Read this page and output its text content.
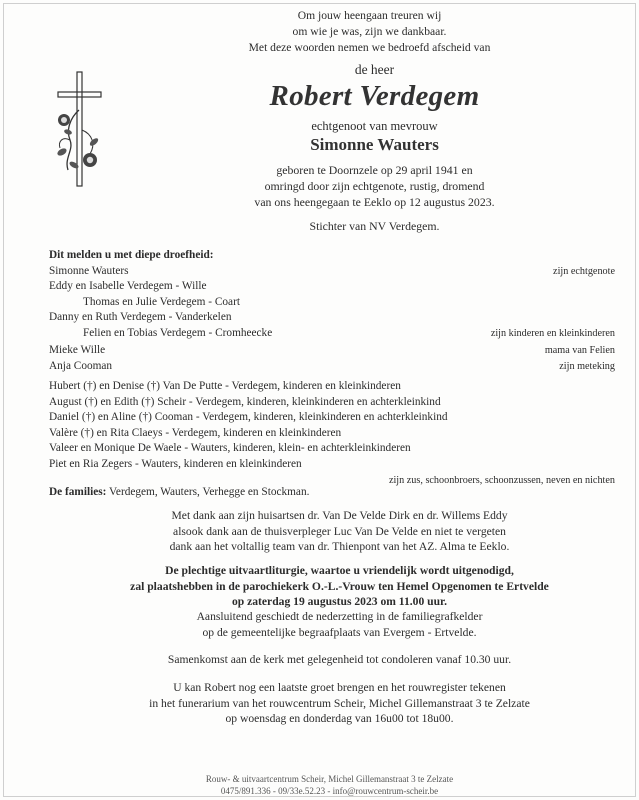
Om jouw heengaan treuren wij
om wie je was, zijn we dankbaar.
Met deze woorden nemen we bedroefd afscheid van
de heer
Robert Verdegem
echtgenoot van mevrouw
Simonne Wauters
geboren te Doornzele op 29 april 1941 en
omringd door zijn echtgenote, rustig, dromend
van ons heengegaan te Eeklo op 12 augustus 2023.
Stichter van NV Verdegem.
Dit melden u met diepe droefheid:
Simonne Wauters	zijn echtgenote
Eddy en Isabelle Verdegem - Wille
Thomas en Julie Verdegem - Coart
Danny en Ruth Verdegem - Vanderkelen
Felien en Tobias Verdegem - Cromheecke	zijn kinderen en kleinkinderen
Mieke Wille	mama van Felien
Anja Cooman	zijn meteking
Hubert (†) en Denise (†) Van De Putte - Verdegem, kinderen en kleinkinderen
August (†) en Edith (†) Scheir - Verdegem, kinderen, kleinkinderen en achterkleinkind
Daniel (†) en Aline (†) Cooman - Verdegem, kinderen, kleinkinderen en achterkleinkind
Valère (†) en Rita Claeys - Verdegem, kinderen en kleinkinderen
Valeer en Monique De Waele - Wauters, kinderen, klein- en achterkleinkinderen
Piet en Ria Zegers - Wauters, kinderen en kleinkinderen
zijn zus, schoonbroers, schoonzussen, neven en nichten
De families: Verdegem, Wauters, Verhegge en Stockman.
Met dank aan zijn huisartsen dr. Van De Velde Dirk en dr. Willems Eddy
alsook dank aan de thuisverpleger Luc Van De Velde en niet te vergeten
dank aan het voltallig team van dr. Thienpont van het AZ. Alma te Eeklo.
De plechtige uitvaartliturgie, waartoe u vriendelijk wordt uitgenodigd,
zal plaatshebben in de parochiekerk O.-L.-Vrouw ten Hemel Opgenomen te Ertvelde
op zaterdag 19 augustus 2023 om 11.00 uur.
Aansluitend geschiedt de nederzetting in de familiegrafkelder
op de gemeentelijke begraafplaats van Evergem - Ertvelde.
Samenkomst aan de kerk met gelegenheid tot condoleren vanaf 10.30 uur.
U kan Robert nog een laatste groet brengen en het rouwregister tekenen
in het funerarium van het rouwcentrum Scheir, Michel Gillemanstraat 3 te Zelzate
op woensdag en donderdag van 16u00 tot 18u00.
Rouw- & uitvaartcentrum Scheir, Michel Gillemanstraat 3 te Zelzate
0475/891.336 - 09/33e.52.23 - info@rouwcentrum-scheir.be
